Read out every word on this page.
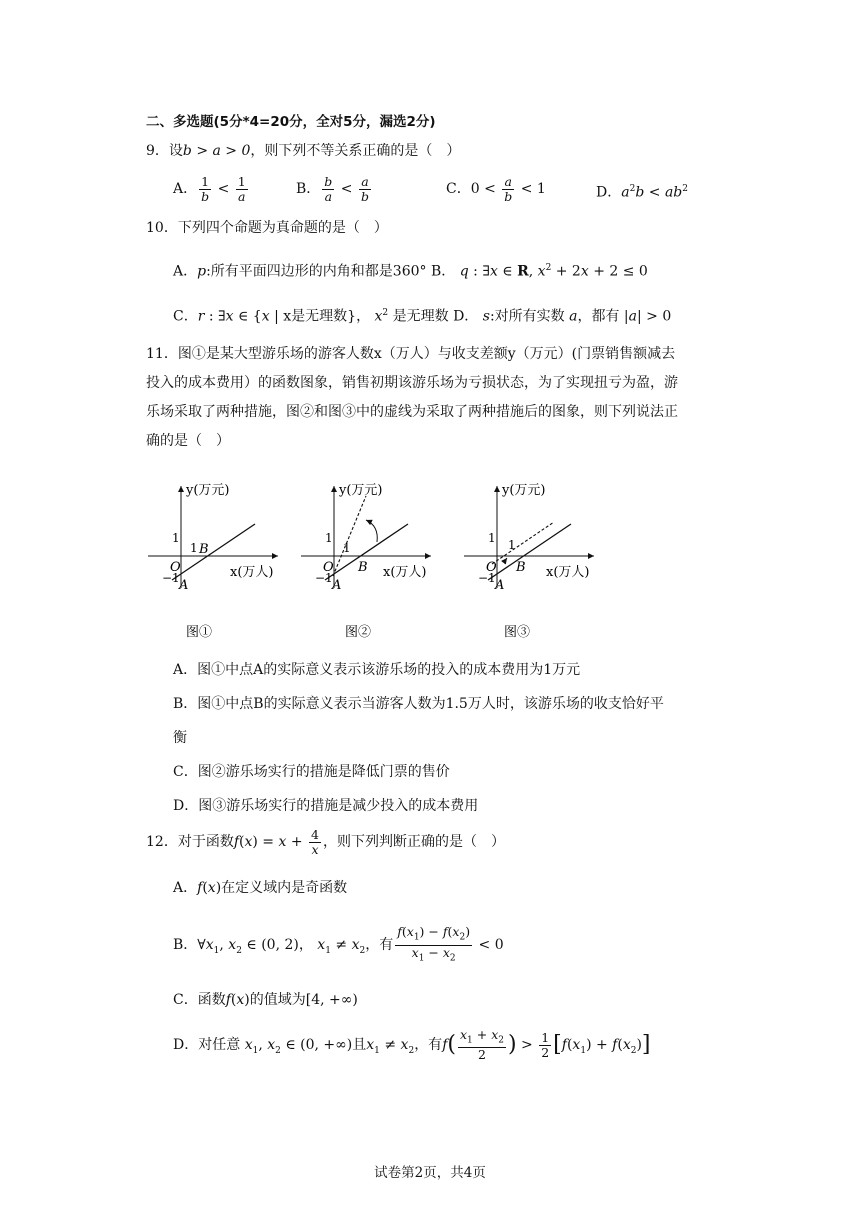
二、多选题(5分*4=20分，全对5分，漏选2分)
9．设b > a > 0，则下列不等关系正确的是（　）
A． $\frac{1}{b} < \frac{1}{a}$	B． $\frac{b}{a} < \frac{a}{b}$	C．$0 < \frac{a}{b} < 1$	D．$a^2b < ab^2$
10．下列四个命题为真命题的是（　）
A．p:所有平面四边形的内角和都是360° B． q : ∃x ∈ R, $x^2 + 2x + 2 \le 0$
C．r : ∃x ∈ {x | x是无理数}， $x^2$ 是无理数 D． s:对所有实数 a，都有 |a| > 0
11．图①是某大型游乐场的游客人数x（万人）与收支差额y（万元）(门票销售额减去
投入的成本费用）的函数图象，销售初期该游乐场为亏损状态，为了实现扭亏为盈，游
乐场采取了两种措施，图②和图③中的虚线为采取了两种措施后的图象，则下列说法正
确的是（　）
y(万元)
x(万人)
1
1
−1
O
A
B
图①
y(万元)
x(万人)
1
1
−1
O
A
B
图②
y(万元)
x(万人)
1 1
−1
O
A
B
图③
A．图①中点A的实际意义表示该游乐场的投入的成本费用为1万元
B．图①中点B的实际意义表示当游客人数为1.5万人时，该游乐场的收支恰好平
衡
C．图②游乐场实行的措施是降低门票的售价
D．图③游乐场实行的措施是减少投入的成本费用
12．对于函数$f(x) = x + \frac{4}{x}$ ，则下列判断正确的是（　）
A．f(x)在定义域内是奇函数
B．$\forall x_1$, $x_2$ ∈ (0, 2)， $x_1 \ne x_2$，有 $\frac{f(x_1) - f(x_2)}{x_1 - x_2} < 0$
C．函数f(x)的值域为[4, +∞)
D．对任意 $x_1$, $x_2$ ∈ (0, +∞)且$x_1 \ne x_2$，有$f( \frac{x_1 + x_2}{2}$ ) > $\frac{1}{2} [f(x_1) + f(x_2)]$
试卷第2页，共4页
